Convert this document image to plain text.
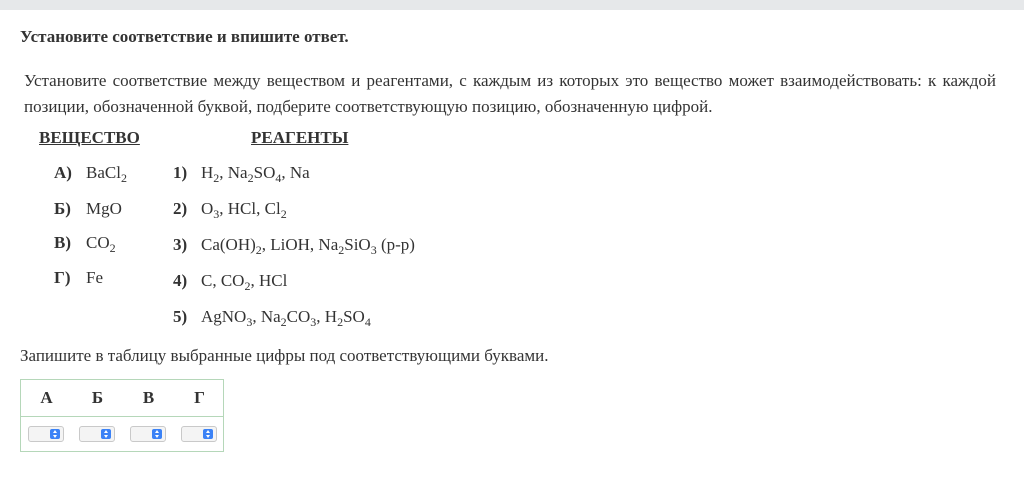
Установите соответствие и впишите ответ.
Установите соответствие между веществом и реагентами, с каждым из которых это вещество может взаимодействовать: к каждой позиции, обозначенной буквой, подберите соответствующую позицию, обозначенную цифрой.
ВЕЩЕСТВО	РЕАГЕНТЫ
А) BaCl$_2$
Б) MgO
В) $CO_2$
Г) Fe
1) $H_2$, $Na_2SO_4$, Na
2) $O_3$, HCl, $Cl_2$
3) $Ca(OH)_2$, LiOH, $Na_2SiO_3$ (р-р)
4) C, $CO_2$, HCl
5) AgNO$_3$, $Na_2CO_3$, $H_2SO_4$
Запишите в таблицу выбранные цифры под соответствующими буквами.
А	Б	В	Г
